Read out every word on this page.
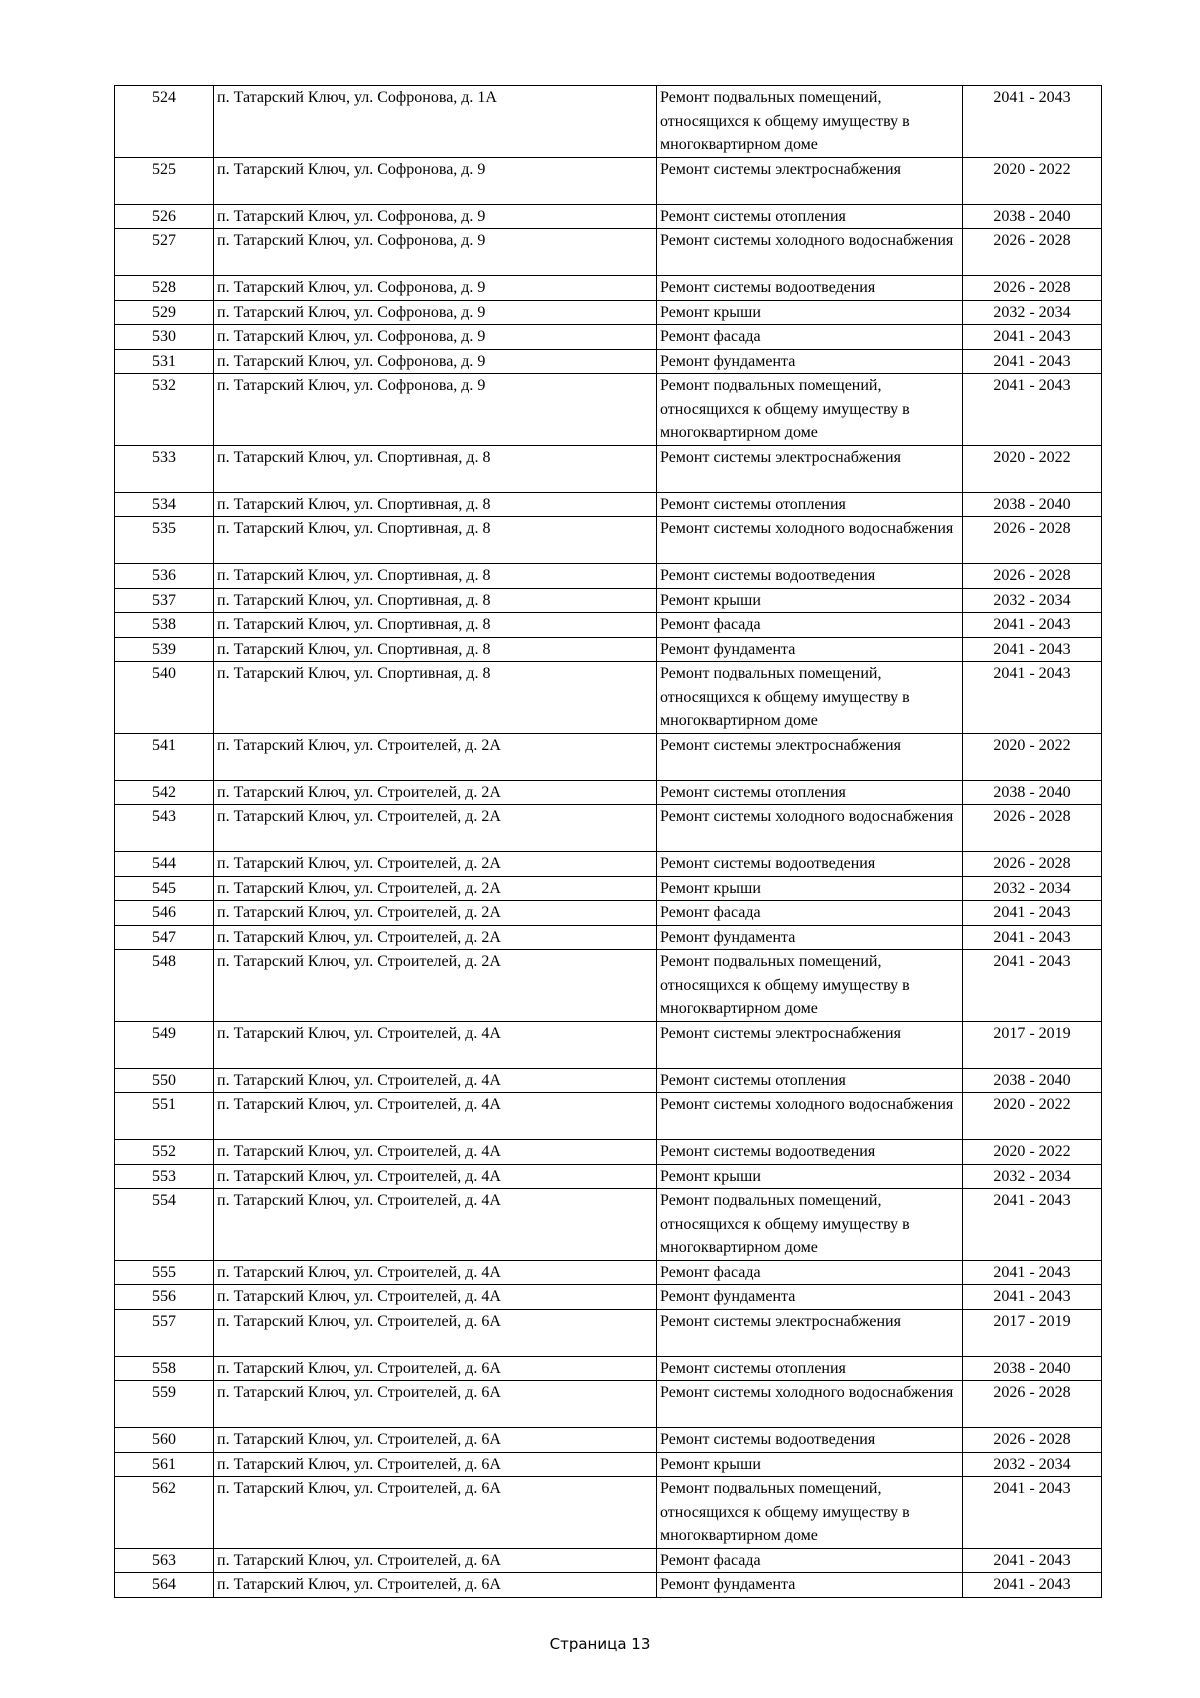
524	п. Татарский Ключ, ул. Софронова, д. 1А	Ремонт подвальных помещений, относящихся к общему имуществу в многоквартирном доме	2041 - 2043
525	п. Татарский Ключ, ул. Софронова, д. 9	Ремонт системы электроснабжения	2020 - 2022
526	п. Татарский Ключ, ул. Софронова, д. 9	Ремонт системы отопления	2038 - 2040
527	п. Татарский Ключ, ул. Софронова, д. 9	Ремонт системы холодного водоснабжения	2026 - 2028
528	п. Татарский Ключ, ул. Софронова, д. 9	Ремонт системы водоотведения	2026 - 2028
529	п. Татарский Ключ, ул. Софронова, д. 9	Ремонт крыши	2032 - 2034
530	п. Татарский Ключ, ул. Софронова, д. 9	Ремонт фасада	2041 - 2043
531	п. Татарский Ключ, ул. Софронова, д. 9	Ремонт фундамента	2041 - 2043
532	п. Татарский Ключ, ул. Софронова, д. 9	Ремонт подвальных помещений, относящихся к общему имуществу в многоквартирном доме	2041 - 2043
533	п. Татарский Ключ, ул. Спортивная, д. 8	Ремонт системы электроснабжения	2020 - 2022
534	п. Татарский Ключ, ул. Спортивная, д. 8	Ремонт системы отопления	2038 - 2040
535	п. Татарский Ключ, ул. Спортивная, д. 8	Ремонт системы холодного водоснабжения	2026 - 2028
536	п. Татарский Ключ, ул. Спортивная, д. 8	Ремонт системы водоотведения	2026 - 2028
537	п. Татарский Ключ, ул. Спортивная, д. 8	Ремонт крыши	2032 - 2034
538	п. Татарский Ключ, ул. Спортивная, д. 8	Ремонт фасада	2041 - 2043
539	п. Татарский Ключ, ул. Спортивная, д. 8	Ремонт фундамента	2041 - 2043
540	п. Татарский Ключ, ул. Спортивная, д. 8	Ремонт подвальных помещений, относящихся к общему имуществу в многоквартирном доме	2041 - 2043
541	п. Татарский Ключ, ул. Строителей, д. 2А	Ремонт системы электроснабжения	2020 - 2022
542	п. Татарский Ключ, ул. Строителей, д. 2А	Ремонт системы отопления	2038 - 2040
543	п. Татарский Ключ, ул. Строителей, д. 2А	Ремонт системы холодного водоснабжения	2026 - 2028
544	п. Татарский Ключ, ул. Строителей, д. 2А	Ремонт системы водоотведения	2026 - 2028
545	п. Татарский Ключ, ул. Строителей, д. 2А	Ремонт крыши	2032 - 2034
546	п. Татарский Ключ, ул. Строителей, д. 2А	Ремонт фасада	2041 - 2043
547	п. Татарский Ключ, ул. Строителей, д. 2А	Ремонт фундамента	2041 - 2043
548	п. Татарский Ключ, ул. Строителей, д. 2А	Ремонт подвальных помещений, относящихся к общему имуществу в многоквартирном доме	2041 - 2043
549	п. Татарский Ключ, ул. Строителей, д. 4А	Ремонт системы электроснабжения	2017 - 2019
550	п. Татарский Ключ, ул. Строителей, д. 4А	Ремонт системы отопления	2038 - 2040
551	п. Татарский Ключ, ул. Строителей, д. 4А	Ремонт системы холодного водоснабжения	2020 - 2022
552	п. Татарский Ключ, ул. Строителей, д. 4А	Ремонт системы водоотведения	2020 - 2022
553	п. Татарский Ключ, ул. Строителей, д. 4А	Ремонт крыши	2032 - 2034
554	п. Татарский Ключ, ул. Строителей, д. 4А	Ремонт подвальных помещений, относящихся к общему имуществу в многоквартирном доме	2041 - 2043
555	п. Татарский Ключ, ул. Строителей, д. 4А	Ремонт фасада	2041 - 2043
556	п. Татарский Ключ, ул. Строителей, д. 4А	Ремонт фундамента	2041 - 2043
557	п. Татарский Ключ, ул. Строителей, д. 6А	Ремонт системы электроснабжения	2017 - 2019
558	п. Татарский Ключ, ул. Строителей, д. 6А	Ремонт системы отопления	2038 - 2040
559	п. Татарский Ключ, ул. Строителей, д. 6А	Ремонт системы холодного водоснабжения	2026 - 2028
560	п. Татарский Ключ, ул. Строителей, д. 6А	Ремонт системы водоотведения	2026 - 2028
561	п. Татарский Ключ, ул. Строителей, д. 6А	Ремонт крыши	2032 - 2034
562	п. Татарский Ключ, ул. Строителей, д. 6А	Ремонт подвальных помещений, относящихся к общему имуществу в многоквартирном доме	2041 - 2043
563	п. Татарский Ключ, ул. Строителей, д. 6А	Ремонт фасада	2041 - 2043
564	п. Татарский Ключ, ул. Строителей, д. 6А	Ремонт фундамента	2041 - 2043
Страница 13
